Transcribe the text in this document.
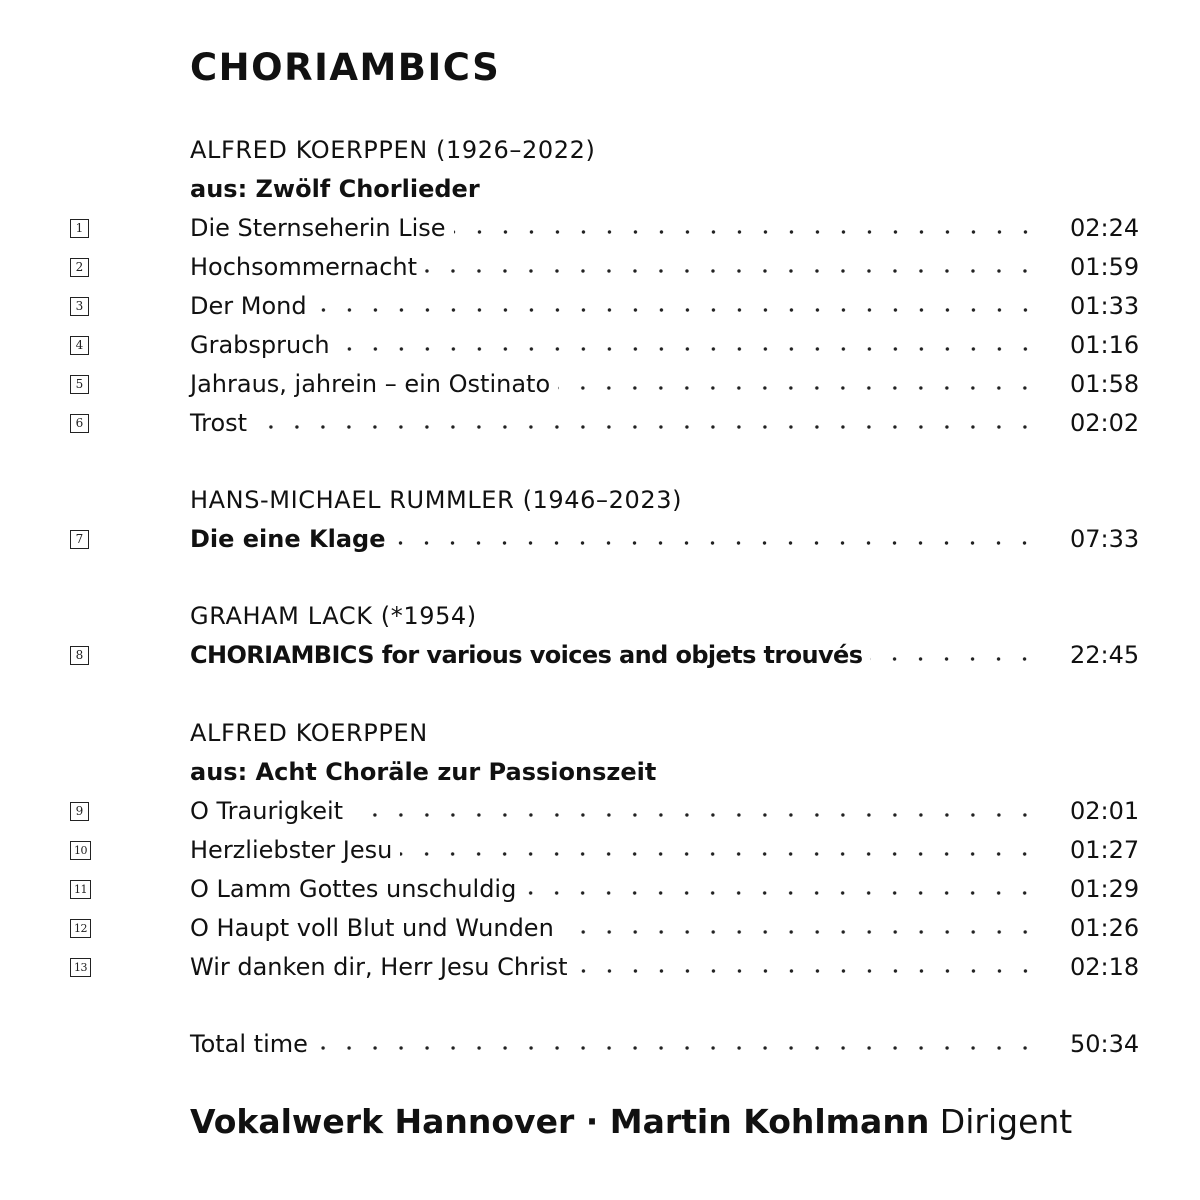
CHORIAMBICS
ALFRED KOERPPEN (1926–2022)
aus: Zwölf Chorlieder
1	Die Sternseherin Lise	02:24
2	Hochsommernacht	01:59
3	Der Mond	01:33
4	Grabspruch	01:16
5	Jahraus, jahrein – ein Ostinato	01:58
6	Trost	02:02
HANS-MICHAEL RUMMLER (1946–2023)
7	Die eine Klage	07:33
GRAHAM LACK (*1954)
8	CHORIAMBICS for various voices and objets trouvés	22:45
ALFRED KOERPPEN
aus: Acht Choräle zur Passionszeit
9	O Traurigkeit	02:01
10	Herzliebster Jesu	01:27
11	O Lamm Gottes unschuldig	01:29
12	O Haupt voll Blut und Wunden	01:26
13	Wir danken dir, Herr Jesu Christ	02:18
Total time	50:34
Vokalwerk Hannover · Martin Kohlmann Dirigent
